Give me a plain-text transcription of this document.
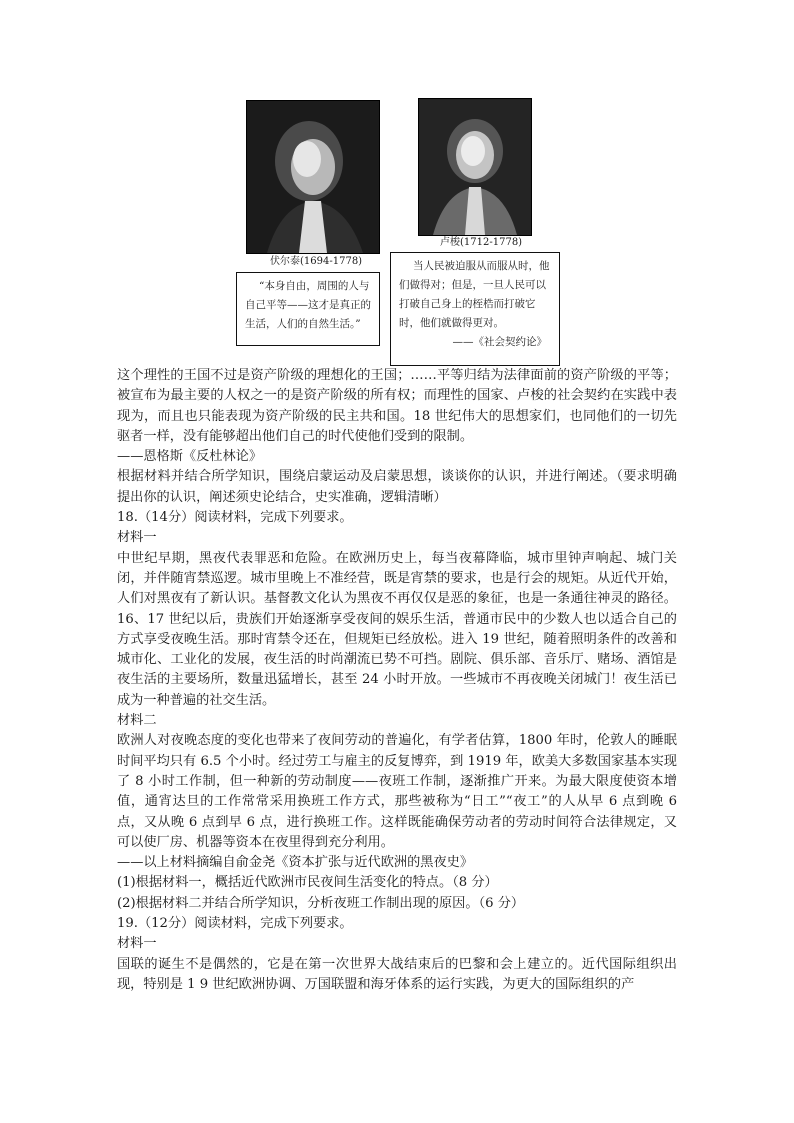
伏尔泰(1694-1778)
卢梭(1712-1778)
“本身自由，周围的人与自己平等——这才是真正的生活，人们的自然生活。”
当人民被迫服从而服从时，他们做得对；但是，一旦人民可以打破自己身上的桎梏而打破它时，他们就做得更对。
——《社会契约论》

这个理性的王国不过是资产阶级的理想化的王国；……平等归结为法律面前的资产阶级的平等；被宣布为最主要的人权之一的是资产阶级的所有权；而理性的国家、卢梭的社会契约在实践中表现为，而且也只能表现为资产阶级的民主共和国。18 世纪伟大的思想家们，也同他们的一切先驱者一样，没有能够超出他们自己的时代使他们受到的限制。

——恩格斯《反杜林论》

根据材料并结合所学知识，围绕启蒙运动及启蒙思想，谈谈你的认识，并进行阐述。（要求明确提出你的认识，阐述须史论结合，史实准确，逻辑清晰）

18.（14分）阅读材料，完成下列要求。

材料一

中世纪早期，黑夜代表罪恶和危险。在欧洲历史上，每当夜幕降临，城市里钟声响起、城门关闭，并伴随宵禁巡逻。城市里晚上不准经营，既是宵禁的要求，也是行会的规矩。从近代开始，人们对黑夜有了新认识。基督教文化认为黑夜不再仅仅是恶的象征，也是一条通往神灵的路径。16、17 世纪以后，贵族们开始逐渐享受夜间的娱乐生活，普通市民中的少数人也以适合自己的方式享受夜晚生活。那时宵禁令还在，但规矩已经放松。进入 19 世纪，随着照明条件的改善和城市化、工业化的发展，夜生活的时尚潮流已势不可挡。剧院、俱乐部、音乐厅、赌场、酒馆是夜生活的主要场所，数量迅猛增长，甚至 24 小时开放。一些城市不再夜晚关闭城门！夜生活已成为一种普遍的社交生活。

材料二

欧洲人对夜晚态度的变化也带来了夜间劳动的普遍化，有学者估算，1800 年时，伦敦人的睡眠时间平均只有 6.5 个小时。经过劳工与雇主的反复博弈，到 1919 年，欧美大多数国家基本实现了 8 小时工作制，但一种新的劳动制度——夜班工作制，逐渐推广开来。为最大限度使资本增值，通宵达旦的工作常常采用换班工作方式，那些被称为“日工”“夜工”的人从早 6 点到晚 6 点，又从晚 6 点到早 6 点，进行换班工作。这样既能确保劳动者的劳动时间符合法律规定，又可以使厂房、机器等资本在夜里得到充分利用。

——以上材料摘编自俞金尧《资本扩张与近代欧洲的黑夜史》

(1)根据材料一，概括近代欧洲市民夜间生活变化的特点。（8 分）

(2)根据材料二并结合所学知识，分析夜班工作制出现的原因。（6 分）

19.（12分）阅读材料，完成下列要求。

材料一

国联的诞生不是偶然的，它是在第一次世界大战结束后的巴黎和会上建立的。近代国际组织出现，特别是 1 9 世纪欧洲协调、万国联盟和海牙体系的运行实践，为更大的国际组织的产
